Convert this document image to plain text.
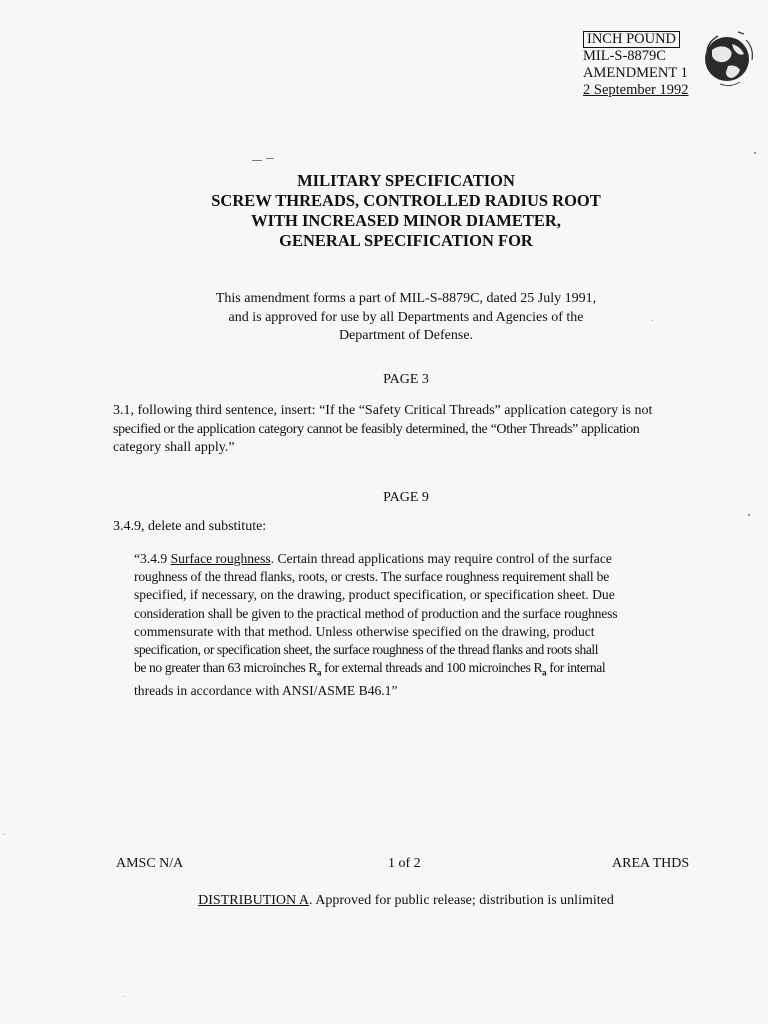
INCH POUND
MIL-S-8879C
AMENDMENT 1
2 September 1992
MILITARY SPECIFICATION
SCREW THREADS, CONTROLLED RADIUS ROOT
WITH INCREASED MINOR DIAMETER,
GENERAL SPECIFICATION FOR
This amendment forms a part of MIL-S-8879C, dated 25 July 1991,
and is approved for use by all Departments and Agencies of the
Department of Defense.
PAGE 3
3.1, following third sentence, insert: “If the “Safety Critical Threads” application category is not
specified or the application category cannot be feasibly determined, the “Other Threads” application
category shall apply.”
PAGE 9
3.4.9, delete and substitute:
“3.4.9 Surface roughness. Certain thread applications may require control of the surface
roughness of the thread flanks, roots, or crests. The surface roughness requirement shall be
specified, if necessary, on the drawing, product specification, or specification sheet. Due
consideration shall be given to the practical method of production and the surface roughness
commensurate with that method. Unless otherwise specified on the drawing, product
specification, or specification sheet, the surface roughness of the thread flanks and roots shall
be no greater than 63 microinches $R_a$ for external threads and 100 microinches $R_a$ for internal
threads in accordance with ANSI/ASME B46.1”
AMSC N/A	1 of 2	AREA THDS
DISTRIBUTION A. Approved for public release; distribution is unlimited
